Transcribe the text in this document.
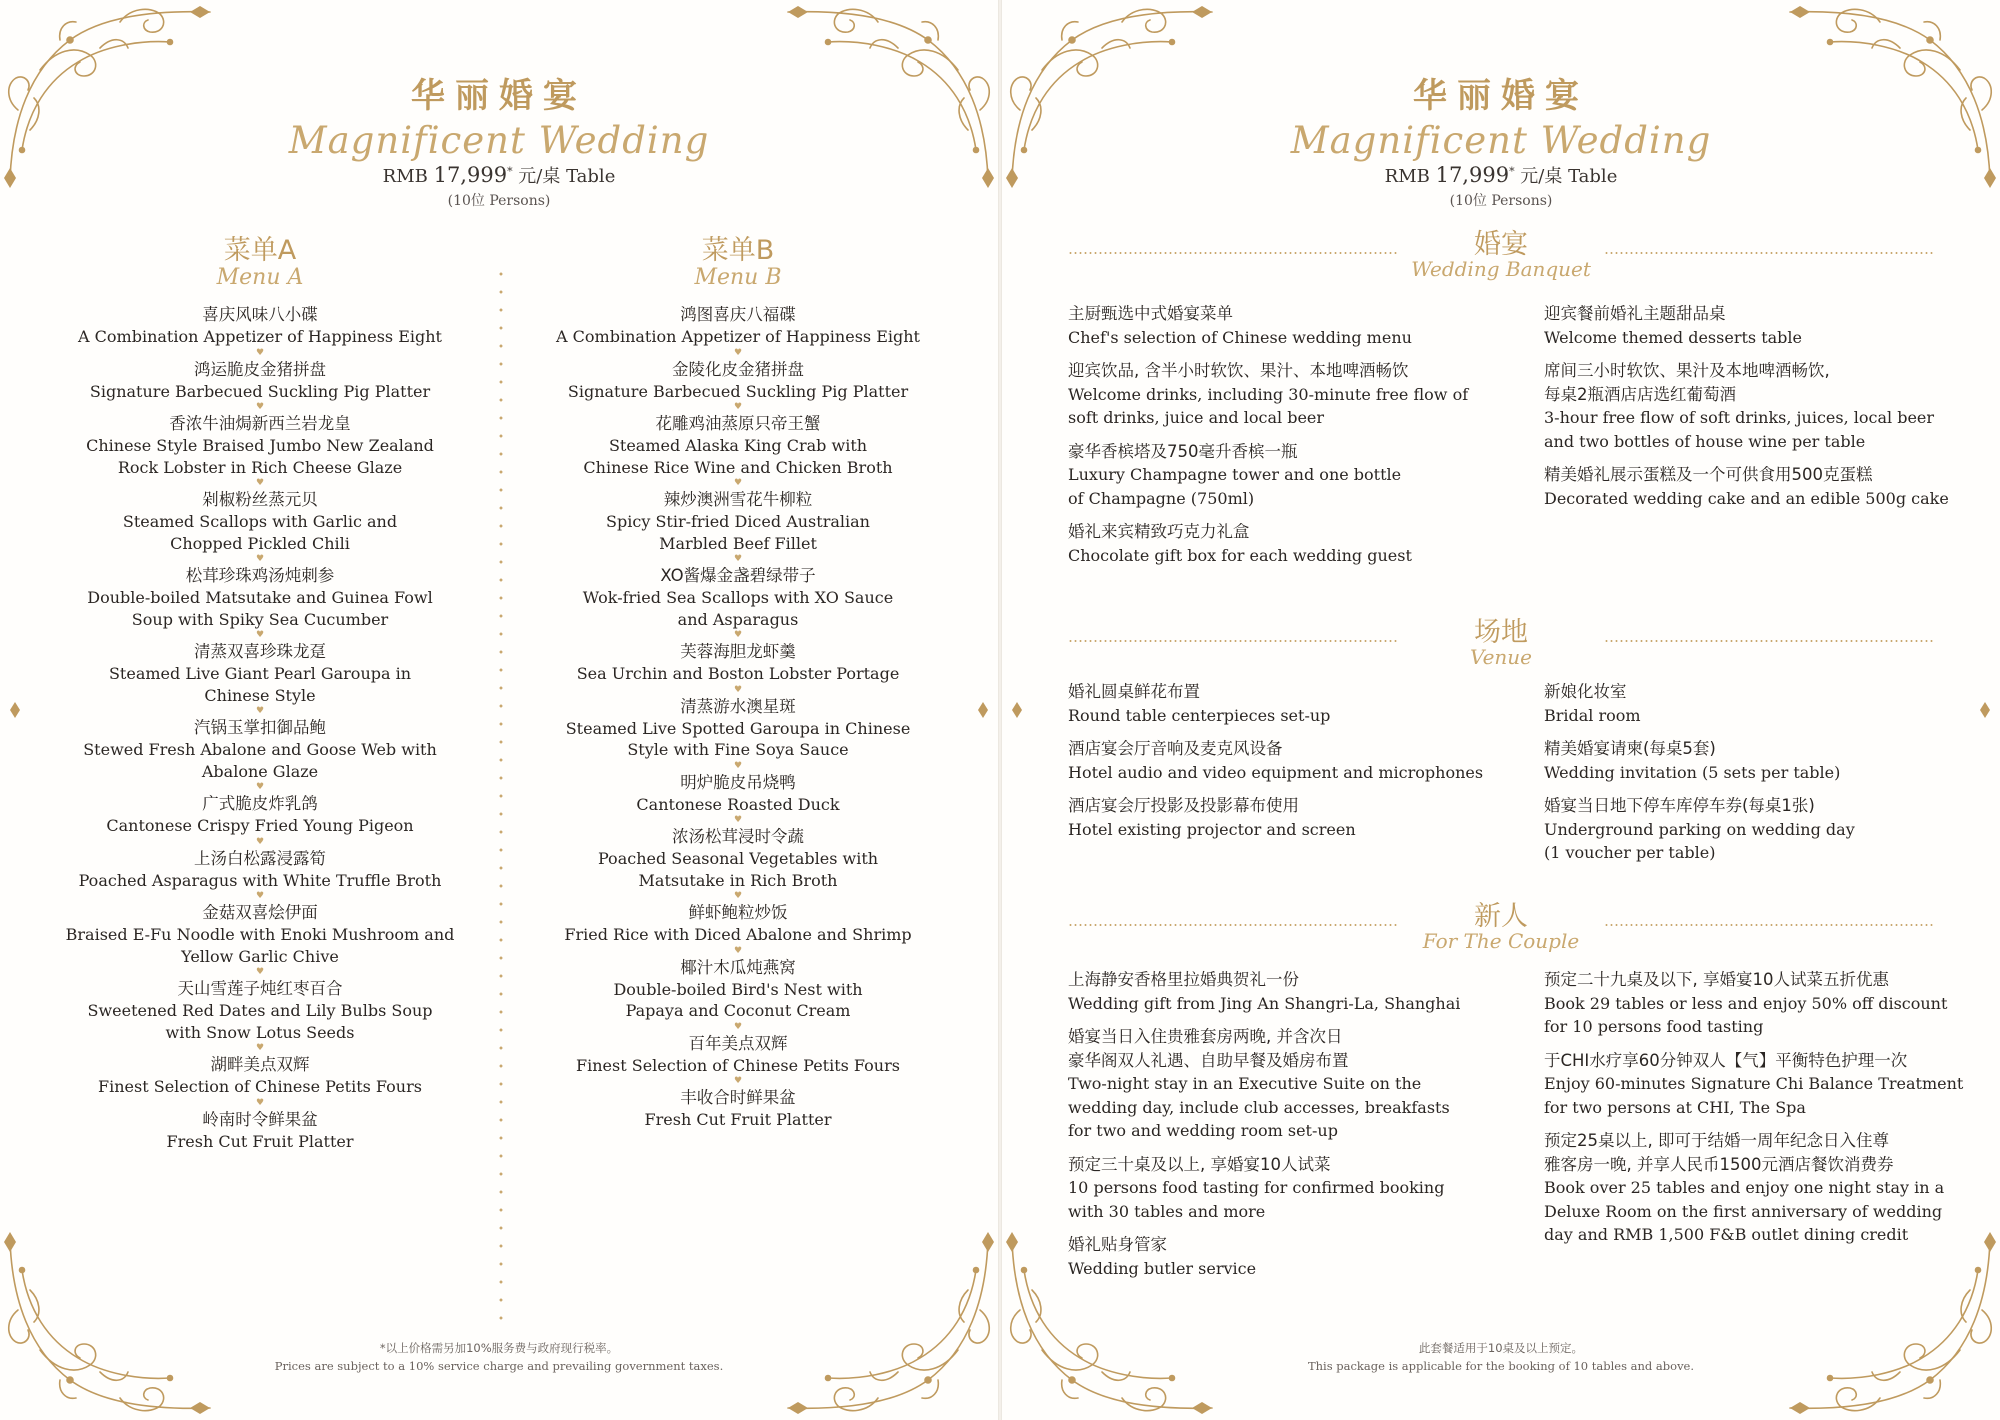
华丽婚宴
Magnificent Wedding
RMB 17,999* 元/桌 Table
(10位 Persons)
菜单A
Menu A
喜庆风味八小碟
A Combination Appetizer of Happiness Eight
♥
鸿运脆皮金猪拼盘
Signature Barbecued Suckling Pig Platter
♥
香浓牛油焗新西兰岩龙皇
Chinese Style Braised Jumbo New Zealand
Rock Lobster in Rich Cheese Glaze
♥
剁椒粉丝蒸元贝
Steamed Scallops with Garlic and
Chopped Pickled Chili
♥
松茸珍珠鸡汤炖刺参
Double-boiled Matsutake and Guinea Fowl
Soup with Spiky Sea Cucumber
♥
清蒸双喜珍珠龙趸
Steamed Live Giant Pearl Garoupa in
Chinese Style
♥
汽锅玉掌扣御品鲍
Stewed Fresh Abalone and Goose Web with
Abalone Glaze
♥
广式脆皮炸乳鸽
Cantonese Crispy Fried Young Pigeon
♥
上汤白松露浸露筍
Poached Asparagus with White Truffle Broth
♥
金菇双喜烩伊面
Braised E-Fu Noodle with Enoki Mushroom and
Yellow Garlic Chive
♥
天山雪莲子炖红枣百合
Sweetened Red Dates and Lily Bulbs Soup
with Snow Lotus Seeds
♥
湖畔美点双辉
Finest Selection of Chinese Petits Fours
♥
岭南时令鲜果盆
Fresh Cut Fruit Platter
菜单B
Menu B
鸿图喜庆八福碟
A Combination Appetizer of Happiness Eight
♥
金陵化皮金猪拼盘
Signature Barbecued Suckling Pig Platter
♥
花雕鸡油蒸原只帝王蟹
Steamed Alaska King Crab with
Chinese Rice Wine and Chicken Broth
♥
辣炒澳洲雪花牛柳粒
Spicy Stir-fried Diced Australian
Marbled Beef Fillet
♥
XO酱爆金盏碧绿带子
Wok-fried Sea Scallops with XO Sauce
and Asparagus
♥
芙蓉海胆龙虾羹
Sea Urchin and Boston Lobster Portage
♥
清蒸游水澳星斑
Steamed Live Spotted Garoupa in Chinese
Style with Fine Soya Sauce
♥
明炉脆皮吊烧鸭
Cantonese Roasted Duck
♥
浓汤松茸浸时令蔬
Poached Seasonal Vegetables with
Matsutake in Rich Broth
♥
鲜虾鲍粒炒饭
Fried Rice with Diced Abalone and Shrimp
♥
椰汁木瓜炖燕窝
Double-boiled Bird's Nest with
Papaya and Coconut Cream
♥
百年美点双辉
Finest Selection of Chinese Petits Fours
♥
丰收合时鲜果盆
Fresh Cut Fruit Platter
*以上价格需另加10%服务费与政府现行税率。
Prices are subject to a 10% service charge and prevailing government taxes.
华丽婚宴
Magnificent Wedding
RMB 17,999* 元/桌 Table
(10位 Persons)
婚宴
Wedding Banquet
主厨甄选中式婚宴菜单
Chef's selection of Chinese wedding menu
迎宾饮品, 含半小时软饮、果汁、本地啤酒畅饮
Welcome drinks, including 30-minute free flow of
soft drinks, juice and local beer
豪华香槟塔及750毫升香槟一瓶
Luxury Champagne tower and one bottle
of Champagne (750ml)
婚礼来宾精致巧克力礼盒
Chocolate gift box for each wedding guest
迎宾餐前婚礼主题甜品桌
Welcome themed desserts table
席间三小时软饮、果汁及本地啤酒畅饮,
每桌2瓶酒店店选红葡萄酒
3-hour free flow of soft drinks, juices, local beer
and two bottles of house wine per table
精美婚礼展示蛋糕及一个可供食用500克蛋糕
Decorated wedding cake and an edible 500g cake
场地
Venue
婚礼圆桌鲜花布置
Round table centerpieces set-up
酒店宴会厅音响及麦克风设备
Hotel audio and video equipment and microphones
酒店宴会厅投影及投影幕布使用
Hotel existing projector and screen
新娘化妆室
Bridal room
精美婚宴请柬(每桌5套)
Wedding invitation (5 sets per table)
婚宴当日地下停车库停车券(每桌1张)
Underground parking on wedding day
(1 voucher per table)
新人
For The Couple
上海静安香格里拉婚典贺礼一份
Wedding gift from Jing An Shangri-La, Shanghai
婚宴当日入住贵雅套房两晚, 并含次日
豪华阁双人礼遇、自助早餐及婚房布置
Two-night stay in an Executive Suite on the
wedding day, include club accesses, breakfasts
for two and wedding room set-up
预定三十桌及以上, 享婚宴10人试菜
10 persons food tasting for confirmed booking
with 30 tables and more
婚礼贴身管家
Wedding butler service
预定二十九桌及以下, 享婚宴10人试菜五折优惠
Book 29 tables or less and enjoy 50% off discount
for 10 persons food tasting
于CHI水疗享60分钟双人【气】平衡特色护理一次
Enjoy 60-minutes Signature Chi Balance Treatment
for two persons at CHI, The Spa
预定25桌以上, 即可于结婚一周年纪念日入住尊
雅客房一晚, 并享人民币1500元酒店餐饮消费券
Book over 25 tables and enjoy one night stay in a
Deluxe Room on the first anniversary of wedding
day and RMB 1,500 F&B outlet dining credit
此套餐适用于10桌及以上预定。
This package is applicable for the booking of 10 tables and above.
